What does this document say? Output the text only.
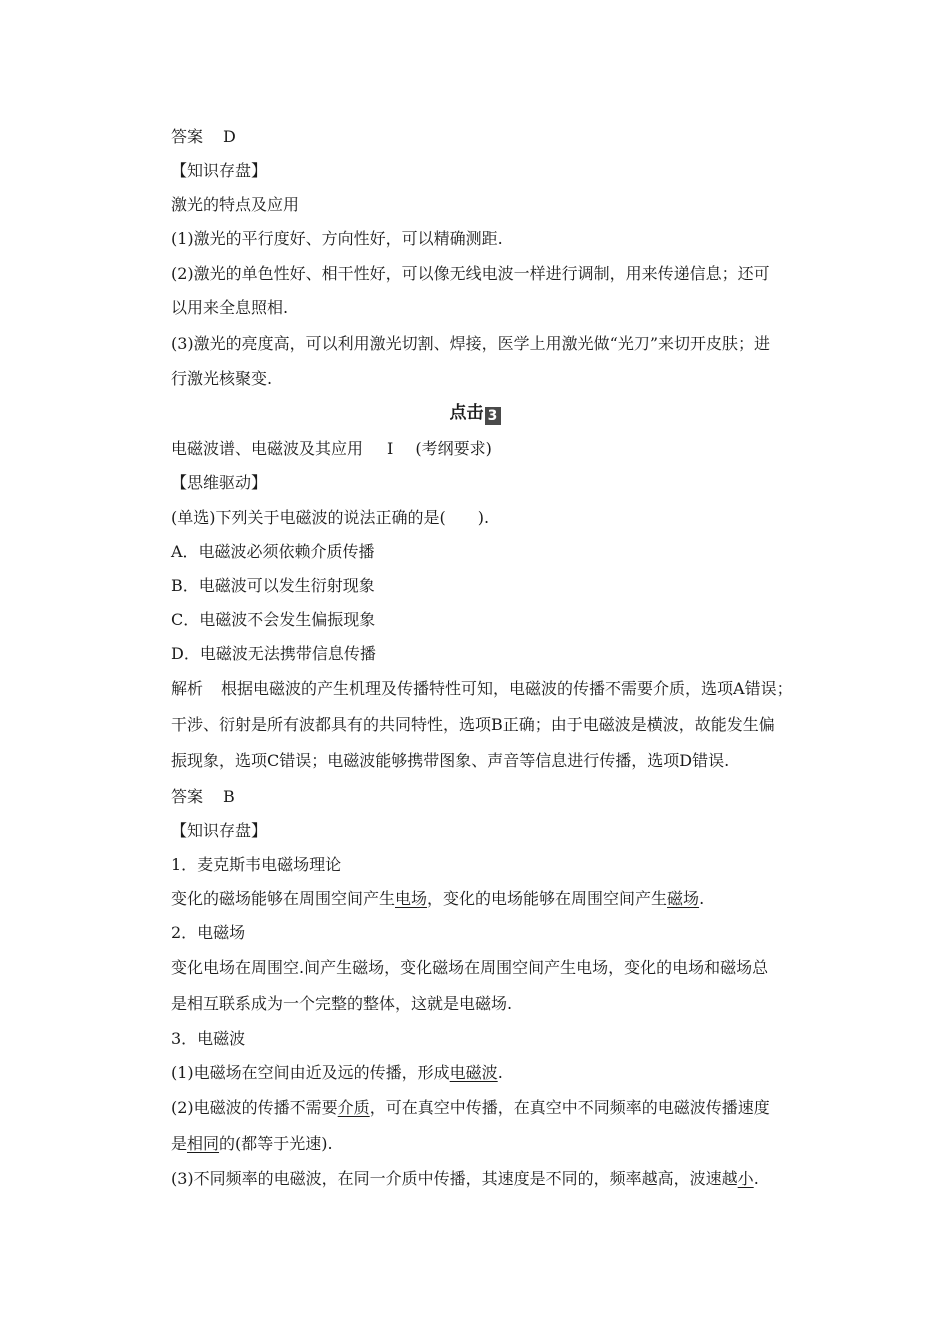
答案 D
【知识存盘】
激光的特点及应用
(1)激光的平行度好、方向性好，可以精确测距.
(2)激光的单色性好、相干性好，可以像无线电波一样进行调制，用来传递信息；还可
以用来全息照相.
(3)激光的亮度高，可以利用激光切割、焊接，医学上用激光做“光刀”来切开皮肤；进
行激光核聚变.
点击 3
电磁波谱、电磁波及其应用 Ⅰ (考纲要求)
【思维驱动】
(单选)下列关于电磁波的说法正确的是(　　).
A．电磁波必须依赖介质传播
B．电磁波可以发生衍射现象
C．电磁波不会发生偏振现象
D．电磁波无法携带信息传播
解析 根据电磁波的产生机理及传播特性可知，电磁波的传播不需要介质，选项A错误；
干涉、衍射是所有波都具有的共同特性，选项B正确；由于电磁波是横波，故能发生偏
振现象，选项C错误；电磁波能够携带图象、声音等信息进行传播，选项D错误.
答案 B
【知识存盘】
1．麦克斯韦电磁场理论
变化的磁场能够在周围空间产生电场，变化的电场能够在周围空间产生磁场.
2．电磁场
变化电场在周围空.间产生磁场，变化磁场在周围空间产生电场，变化的电场和磁场总
是相互联系成为一个完整的整体，这就是电磁场.
3．电磁波
(1)电磁场在空间由近及远的传播，形成电磁波.
(2)电磁波的传播不需要介质，可在真空中传播，在真空中不同频率的电磁波传播速度
是相同的(都等于光速).
(3)不同频率的电磁波，在同一介质中传播，其速度是不同的，频率越高，波速越小.
